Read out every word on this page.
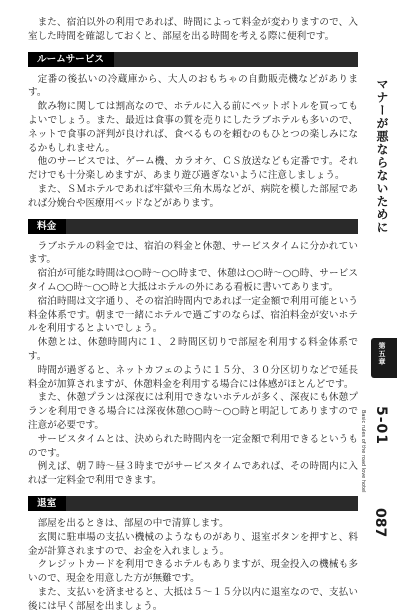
また、宿泊以外の利用であれば、時間によって料金が変わりますので、入室した時間を確認しておくと、部屋を出る時間を考える際に便利です。

ルームサービス

定番の後払いの冷蔵庫から、大人のおもちゃの自動販売機などがあります。

飲み物に関しては割高なので、ホテルに入る前にペットボトルを買ってもよいでしょう。また、最近は食事の質を売りにしたラブホテルも多いので、ネットで食事の評判が良ければ、食べるものを頼むのもひとつの楽しみになるかもしれません。

他のサービスでは、ゲーム機、カラオケ、ＣＳ放送なども定番です。それだけでも十分楽しめますが、あまり遊び過ぎないように注意しましょう。

また、ＳＭホテルであれば牢獄や三角木馬などが、病院を模した部屋であれば分娩台や医療用ベッドなどがあります。

料金

ラブホテルの料金では、宿泊の料金と休憩、サービスタイムに分かれています。

宿泊が可能な時間は○○時～○○時まで、休憩は○○時～○○時、サービスタイム○○時～○○時と大抵はホテルの外にある看板に書いてあります。

宿泊時間は文字通り、その宿泊時間内であれば一定金額で利用可能という料金体系です。朝まで一緒にホテルで過ごすのならば、宿泊料金が安いホテルを利用するとよいでしょう。

休憩とは、休憩時間内に１、２時間区切りで部屋を利用する料金体系です。

時間が過ぎると、ネットカフェのように１５分、３０分区切りなどで延長料金が加算されますが、休憩料金を利用する場合には体感がほとんどです。

また、休憩プランは深夜には利用できないホテルが多く、深夜にも休憩プランを利用できる場合には深夜休憩○○時～○○時と明記してありますので注意が必要です。

サービスタイムとは、決められた時間内を一定金額で利用できるというものです。

例えば、朝７時～昼３時までがサービスタイムであれば、その時間内に入れば一定料金で利用できます。

退室

部屋を出るときは、部屋の中で清算します。

玄関に駐車場の支払い機械のようなものがあり、退室ボタンを押すと、料金が計算されますので、お金を入れましょう。

クレジットカードを利用できるホテルもありますが、現金投入の機械も多いので、現金を用意した方が無難です。

また、支払いを済ませると、大抵は５～１５分以内に退室なので、支払い後には早く部屋を出ましょう。

マナーが悪ならないために
第五章
Basic rules of the road love hotel
5-01
087
